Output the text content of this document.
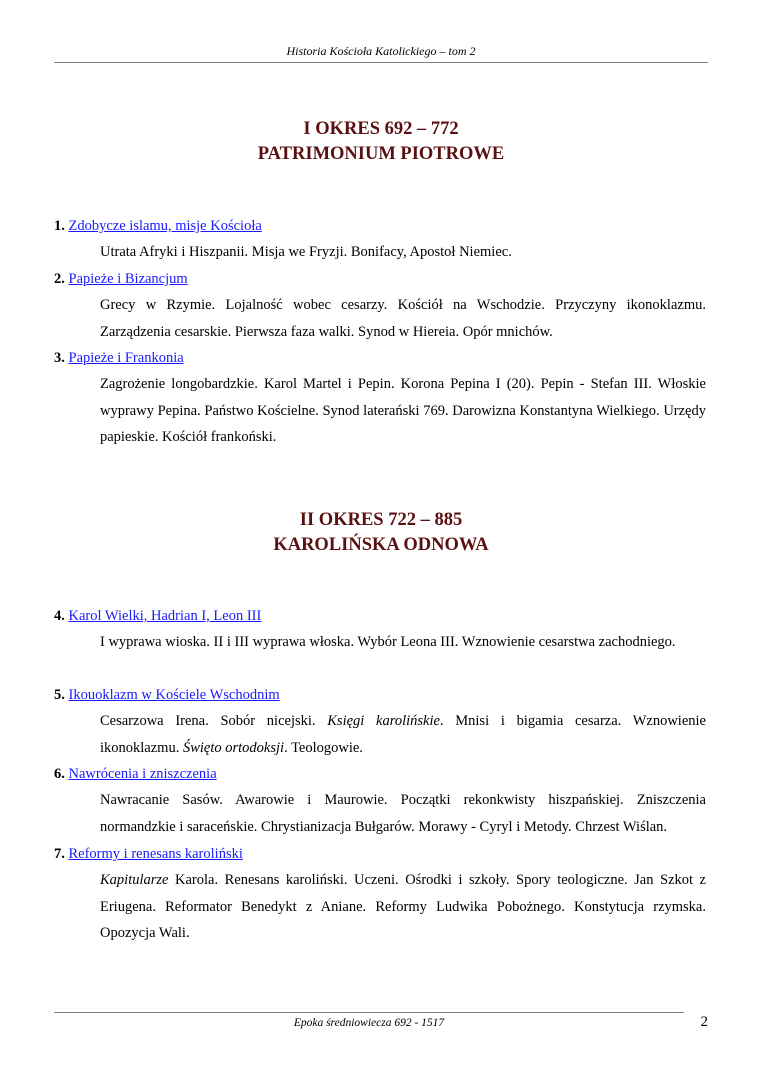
Historia Kościoła Katolickiego – tom 2
I OKRES 692 – 772
PATRIMONIUM PIOTROWE
1. Zdobycze islamu, misje Kościoła
Utrata Afryki i Hiszpanii. Misja we Fryzji. Bonifacy, Apostoł Niemiec.
2. Papieże i Bizancjum
Grecy w Rzymie. Lojalność wobec cesarzy. Kościół na Wschodzie. Przyczyny ikonoklazmu. Zarządzenia cesarskie. Pierwsza faza walki. Synod w Hiereia. Opór mnichów.
3. Papieże i Frankonia
Zagrożenie longobardzkie. Karol Martel i Pepin. Korona Pepina I (20). Pepin - Stefan III. Włoskie wyprawy Pepina. Państwo Kościelne. Synod laterański 769. Darowizna Konstantyna Wielkiego. Urzędy papieskie. Kościół frankoński.
II OKRES 722 – 885
KAROLIŃSKA ODNOWA
4. Karol Wielki, Hadrian I, Leon III
I wyprawa wioska. II i III wyprawa włoska. Wybór Leona III. Wznowienie cesarstwa zachodniego.
5. Ikouoklazm w Kościele Wschodnim
Cesarzowa Irena. Sobór nicejski. Księgi karolińskie. Mnisi i bigamia cesarza. Wznowienie ikonoklazmu. Święto ortodoksji. Teologowie.
6. Nawrócenia i zniszczenia
Nawracanie Sasów. Awarowie i Maurowie. Początki rekonkwisty hiszpańskiej. Zniszczenia normandzkie i saraceńskie. Chrystianizacja Bułgarów. Morawy - Cyryl i Metody. Chrzest Wiślan.
7. Reformy i renesans karoliński
Kapitularze Karola. Renesans karoliński. Uczeni. Ośrodki i szkoły. Spory teologiczne. Jan Szkot z Eriugena. Reformator Benedykt z Aniane. Reformy Ludwika Pobożnego. Konstytucja rzymska. Opozycja Wali.
Epoka średniowiecza 692 - 1517	2
